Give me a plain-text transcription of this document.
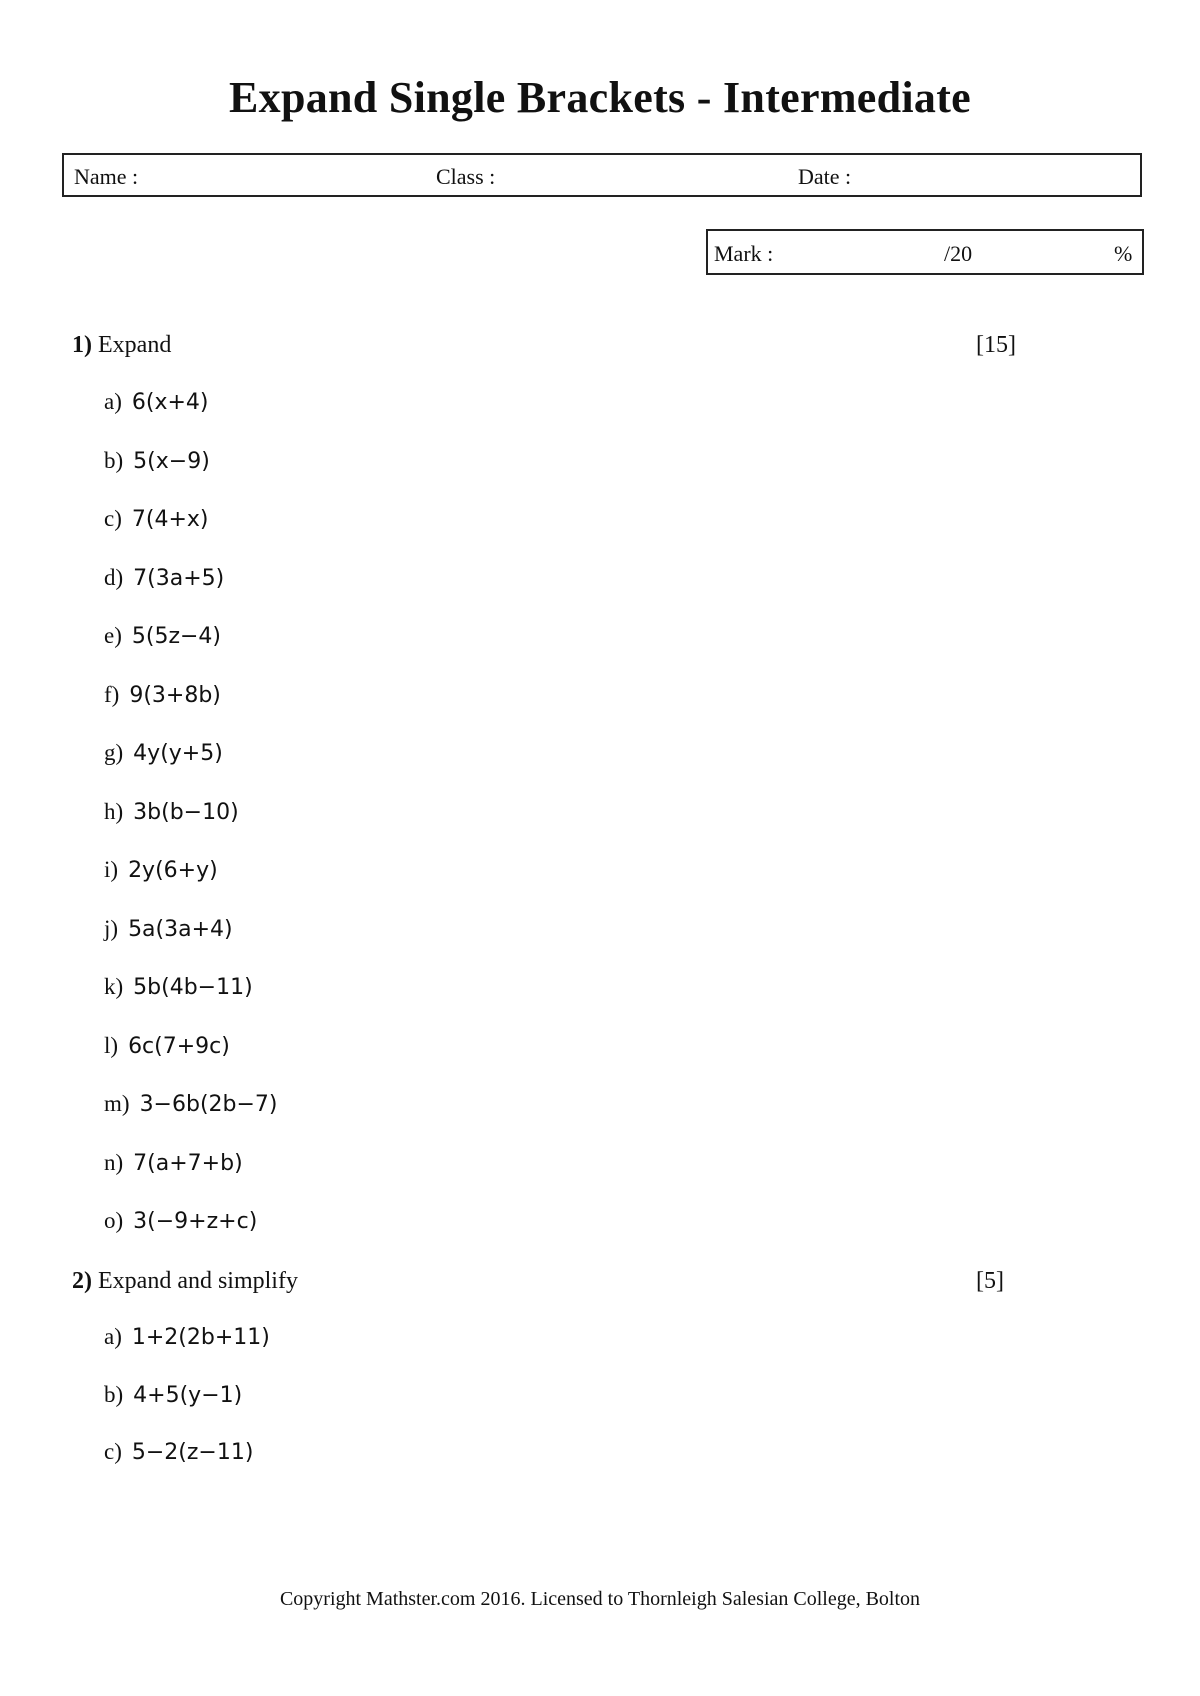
Expand Single Brackets - Intermediate
Name :	Class :	Date :
Mark :	/20	%
1) Expand	[15]
a) 6(x+4)
b) 5(x−9)
c) 7(4+x)
d) 7(3a+5)
e) 5(5z−4)
f) 9(3+8b)
g) 4y(y+5)
h) 3b(b−10)
i) 2y(6+y)
j) 5a(3a+4)
k) 5b(4b−11)
l) 6c(7+9c)
m) 3−6b(2b−7)
n) 7(a+7+b)
o) 3(−9+z+c)
2) Expand and simplify	[5]
a) 1+2(2b+11)
b) 4+5(y−1)
c) 5−2(z−11)
Copyright Mathster.com 2016. Licensed to Thornleigh Salesian College, Bolton
